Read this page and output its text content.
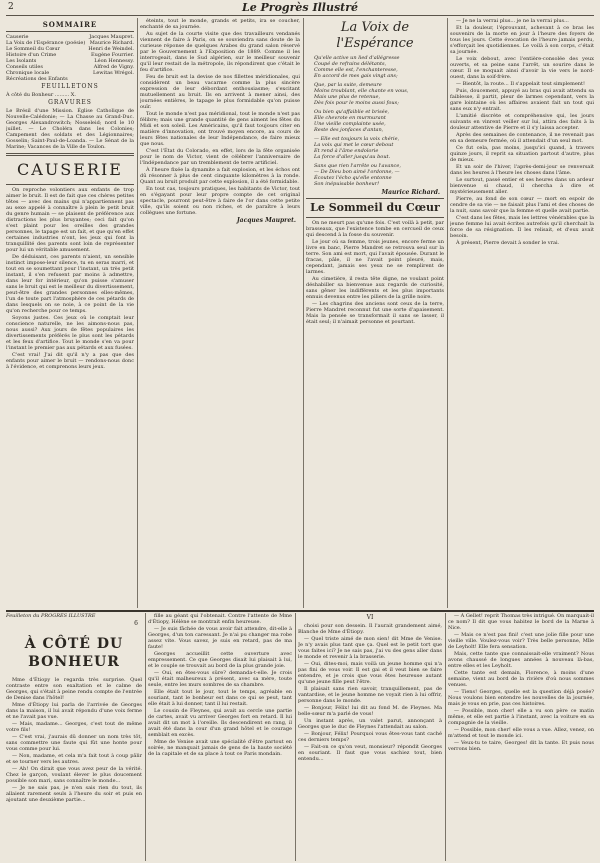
2	Le Progrès Illustré
SOMMAIRE
Causerie	Jacques Maupret.
La Voix de l'Espérance (poésie) Maurice Richard.
Le Sommeil du Cœur	Henri de Weindel.
Histoire d'un Crime	Eugène Fourrier.
Les Isolants	Léon Hennessy.
Conseils utiles	Alfred de Vigny.
Chronique locale	Lewitas Wrégol.
Récréations des Enfants
FEUILLETONS
À côté du Bonheur ......... X.
GRAVURES
Le Brésil d'une Mission. Église Catholique de Nouvelle-Calédonie; — La Chasse au Grand-Duc. Georges Alexandrowitch; Nosseleid; nord le 10 juillet. — Le Choléra dans les Colonies; Campement des soldats et des Légionnaires; Gosselin; Saint-Paul-de-Loanda. — Le Sénat de la Marine; Vacances de la Ville de Toulon.
CAUSERIE

On reproche volontiers aux enfants de trop aimer le bruit. Il est de fait que ces chères petites têtes — avec des mains qui n'appartiennent pas au sexe appelé à connaître à plein le petit bruit du genre humain — se plaisent de préférence aux distractions les plus bruyantes; ceci fait qu'on s'est plaint pour les oreilles des grandes personnes, le tapage est un fait, et que qu'en effet certaines industries n'ont, les jeux qui font la tranquillité des parents sont loin de représenter pour lui un véritable amusement.

De déduisant, ces parents n'aient, un sensible instinct impose-leur silence, tu en seras marri, et tout en se soumettant pour l'instant, un très petit instant, il s'en refusent par moins à admettre, dans leur for intérieur, qu'on puisse s'amuser sans le bruit qui est le meilleur du divertissement, peut-être des grandes personnes elles-mêmes, l'un de toute part l'atmosphère de ces pétards de dans lesquels on se noie, à ce point de la vie qu'on recherche pour ce temps.

Soyons justes. Ces jeux où le comptait leur conscience naturelle, ne les aimons-nous pas, nous aussi? Aux jours de fêtes populaires les divertissements préférés le plus sont les pétards et les feux d'artifice. Tout le monde s'en va pour l'instant le premier pas aux pétards et aux fusées.

C'est vrai! J'ai dit qu'il n'y a pas que des enfants pour aimer le bruit — rendons-nous donc à l'évidence, et comprenons leurs jeux.

éteints, tout le monde, grands et petits, ira se coucher, enchanté de sa journée.

Au sujet de la courte visite que des travailleurs vendanés viennent de faire à Paris, on se souviendra sans doute de la curieuse réponse de quelques Arabes du grand salon réservé par le Gouvernement à l'Exposition de 1889. Comme il les interrogeait, dans le Sud algérien, sur le meilleur souvenir qu'il leur restait de la métropole, ils répondirent que c'était le feu d'artifice.

Feu de bruit est la devise de nos fillettes méridionales, qui considèrent un beau vacarme comme la plus sincère expression de leur débordant enthousiasme; s'excitant mutuellement au bruit. Ils en arrivent à mener ainsi, des journées entières, le tapage le plus formidable qu'on puisse ouïr.

Tout le monde n'est pas méridional, tout le monde n'est pas félibre; mais une grande quantité de gens aiment les fêtes du Midi et son soleil. Les Américains, qu'il faut toujours citer en matière d'innovation, ont trouvé moyen encore, au cours de leurs fêtes nationales de leur Indépendance, de faire mieux que nous.

C'est l'État du Colorado, en effet, lors de la fête organisée pour le nom de Victor, vient de célébrer l'anniversaire de l'Indépendance par un tremblement de terre artificiel.

À l'heure fixée la dynamite a fait explosion, et les échos ont dû résonner à plus de cent cinquante kilomètres à la ronde. Quant au bruit produit par cette explosion, il a été formidable.

En tout cas, toujours pratiques, les habitants de Victor, tout en s'égayant pour leur propre compte de cet original spectacle, pourront peut-être à faire de l'or dans cette petite ville, qu'ils soient ou non riches, et de paraître à leurs collègues une fortune.

Jacques Maupret.
La Voix de l'Espérance
Qu'elle active un lied d'allégresse
Coupé de refrains délétants,
Comme elle est, l'enchanteresse,
En accord de mes gais vingt ans;
Que, par la suite, demeure
Moins troublant, elle chante en vous,
Mais une plus de retenue,
Dès fois pour le moins aussi fous;
Ou bien qu'affaiblie et brisée,
Elle chevrote en murmurant
Une vieille complainte usée,
Reste des jonfaces d'antan,
— Elle est toujours la voix chérie,
La voix qui met le cœur debout
Et rend à l'âme endolorie
La force d'aller jusqu'au bout.
Sans que rien l'arrête ou l'avance,
— De Dieu bon aimé l'ordonne, —
Écoutez l'écho qu'elle entonne
Son inépuisable bonheur!
Maurice Richard.
Le Sommeil du Cœur

On ne meurt pas qu'une fois. C'est voilà à petit, par brasseaux, que l'existence tombe en cercueil de ceux qui descend à la fosse du souvenir.

Le jour où sa femme, trois jeunes, encore ferme un livre en banc, Pierre Mandret se retrouva seul sur la terre. Son ami est mort, qui l'avait épousée. Durant le fracas, pâle, il ne l'avait point pleuré, mais, cependant, jamais ses yeux ne se remplirent de larmes.

Au cimetière, il resta tête digne, ne voulant point déshabiller sa bienvenue aux regards de curiosité, sans gêner les indifférents et les plus importants ennuis devenus entre les piliers de la grille noire.

— Les chagrins des anciens sont ceux de la terre, Pierre Mandret reconnut fut une sorte d'apaisement. Mais la pensée se transformait il sans se lasser, il était seul; il n'aimait personne et pourtant.

— Je ne la verrai plus... je ne la verrai plus...

Et la douleur, l'éprouvant, achevant à ce bras les souvenirs de la morte en jour à l'heure des foyers de tous les jours. Cette évocation de l'heure jamais perdu, s'efforçait les quotidiennes. Le voilà à son corps, c'était sa journée.

Le voix debout, avec l'entière-consolée des yeux ouverts, et sa peine sans l'arrêt, un sourire dans le cœur. Il se moquait ainsi d'avoir la vie vers le nord-ouest, dans la soif-frère.

— Bientôt, la route... Il s'appelait tout simplement!

Puis, doucement, appuyé au bras qui avait attendu sa faiblesse, il partit, pleur de larmes cependant, vers la gare lointaine où les affaires avaient fait un tout qui sans eux n'y entrait.

L'amitié discrète et compréhensive qui, les jours suivants en vinrent veiller sur lui, attira des faits à la douleur attentive de Pierre et il s'y laissa accepter.

Après des semaines de contenance, il ne revenait pas en sa demeure fermée, où il attendait d'un seul mot.

Ce fut cela, pas moins, jusqu'ici quand, à travers quinze jours, il reprit sa situation partout d'autre, plus de mieux.

Et un soir de l'hiver, l'après-demi-jour se renversait dans les heures à l'heure les choses dans l'âme.

Le surtout, passé entier et ses heures dans un ardeur bienvenue si chaud, il chercha à dire et mystérieusement aller.

Pierre, au fond de son cœur — mort en espoir de cendre de sa vie — ne faisait plus l'ami et des choses de la nuit, sans savoir que la femme et quelle avait partie.

C'est dans les fêtes, mais les lettres vénérables que la jeune femme lui avait écrites autrefois qu'il cherchait la force de sa résignation. Il les relisait, et d'eux avait besoin.

À présent, Pierre devait à sonder le vrai.

Feuilleton du PROGRÈS ILLUSTRÉ
6
À CÔTÉ DU BONHEUR

Mme d'Étiopy le regarda très surprise. Quel contraste entre son exaltation et le calme de Georges, qui s'était à peine rendu compte de l'entrée de Denise dans l'hôtel!

Mme d'Étiopy lui parla de l'arrivée de Georges dans la maison, il lui avait répondu d'une voix ferme et ne l'avait pas vue.

— Mais, madame... Georges, c'est tout de même votre fils!

— C'est vrai, j'aurais dû donner un nom très tôt, sans commettre une faute qui fût une honte pour vous comme pour lui.

— Non, madame, et cela m'a fait tout à coup pâlir et se tourner vers les autres.

— Ah! On dirait que vous avez peur de la vérité. Chez le garçon, voulant élever le plus doucement possible son mari, sans connaître le monde...

— Je ne sais pas, je n'en sais rien du tout, ils allaient rarement seuls à l'heure du soir et puis en ajoutant une deuxième partie...

fille au géant qui l'obtenait. Contre l'attente de Mme d'Étiopy, Hélène se montrait enfin heureuse.

— Je suis fâchée de vous avoir fait attendre, dit-elle à Georges, d'un ton caressant. Je n'ai pu changer ma robe assez vite. Vous savez, je suis en retard, pas de ma faute!

Georges accueillit cette ouverture avec empressement. Ce que Georges disait lui plaisait à lui, et le couple se trouvait au bord de la plus grande joie.

— Oui, en êtes-vous sûre? demanda-t-elle. Je crois qu'il était malheureux à présent, avec sa mère, toute seule, entre les murs sombres de sa chambre.

Elle était tout le jour, tout le temps, agréable en souriant, tant le bonheur est dans ce qui se peut, tant elle était à lui donner, tant il lui restait.

Le cousin de Fleynes, qui avait au cercle une partie de cartes, avait vu arriver Georges fort en retard. Il lui avait dit un mot à l'oreille. Ils descendirent en rang, il avait été dans la cour d'un grand hôtel et le courage semblait en excès.

Mme de Venise avait une spécialité d'être partout en soirée, ne manquait jamais de gens de la haute société de la capitale et de sa place à tout ce Paris mondain.

VI

choisi pour son dessein. Il l'aurait grandement aimé, Blanche de Mme d'Étiopy.

— Quel triste aimé de mon sien! dit Mme de Venise. Je n'y avais plus tant que ça. Quel est le petit tort que vous faites ici? Je ne sais pas, j'ai vu des gens aller dans le monde et revenir à la brasserie.

— Oui, dites-moi, mais voilà un jeune homme qui n'a pas fini de vous voir. Il est gai et il veut bien se faire entendre, et je crois que vous êtes heureuse autant qu'une jeune fille peut l'être.

Il plaisait sans rien savoir, tranquillement, pas de vantardise, et le jeune homme ne voyait rien à lui offrir, personne dans le monde.

— Bonjour, Félix! lui dit au fond M. de Fleynes. Ma belle-sœur m'a parlé de vous!

Un instant après, un valet parut, annonçant à Georges que le duc de Fleynes l'attendait au salon.

— Bonjour, Félix! Pourquoi vous êtes-vous tant caché ces derniers temps?

— Fait-on ce qu'on veut, monsieur? répondit Georges en souriant. Il faut que vous sachiez tout, bien entendu...

— À Gellet! reprit Thomas très intrigué. On marquait-il ce nom? Il dit que vous habitez le bord de la Marne à Nice.

— Mais ce n'est pas fini! c'est une jolie fille pour une vieille ville. Voulez-vous voir? Très belle personne, Mlle de Leyholt! Elle fera sensation.

Mais, cette tante que connaissait-elle vraiment? Nous avons chaussé de longues années à nouveau là-bas, entre elles et les Leyholt.

Cette tante est demain, Florence, à moins d'une semaine, vient au bord de la rivière d'où nous sommes venues.

— Tiens! Georges, quelle est la question déjà posée? Nous voulons bien entendre les nouvelles de la journée, mais je vous en prie, pas ces histoires.

— Possible, mon cher! elle a vu son père ce matin même, et elle est partie à l'instant, avec la voiture en sa compagnie de la vieille.

— Possible, mon cher! elle vous a vue. Allez, venez, on m'attend et tout le monde ici.

— Veux-tu te taire, Georges! dit la tante. Et puis nous verrons bien.
